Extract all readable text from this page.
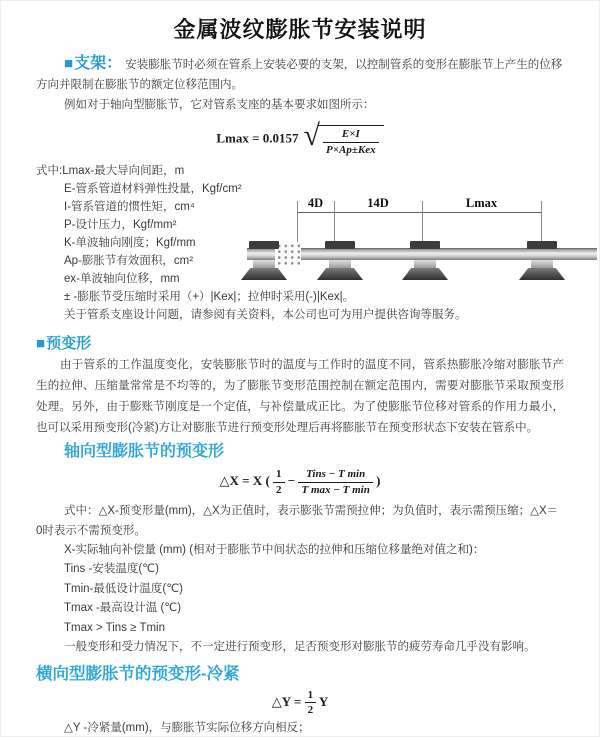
金属波纹膨胀节安装说明

■支架： 安装膨胀节时必须在管系上安装必要的支架，以控制管系的变形在膨胀节上产生的位移方向并限制在膨胀节的额定位移范围内。

例如对于轴向型膨胀节，它对管系支座的基本要求如图所示：

Lmax = 0.0157 √ $\frac{E\times I}{\text{P×Ap±Kex}}$
式中:Lmax-最大导向间距，m
E-管系管道材料弹性投量，Kgf/cm²
I-管系管道的惯性矩，cm⁴
P-设计压力，Kgf/mm²
K-单波轴向刚度；Kgf/mm
Ap-膨胀节有效面积，cm²
ex-单波轴向位移，mm
± -膨胀节受压缩时采用（+）|Kex|；拉伸时采用(-)|Kex|。

关于管系支座设计问题，请参阅有关资料，本公司也可为用户提供咨询等服务。

■预变形

由于管系的工作温度变化，安装膨胀节时的温度与工作时的温度不同，管系热膨胀冷缩对膨胀节产生的拉伸、压缩量常常是不均等的，为了膨胀节变形范围控制在额定范围内，需要对膨胀节采取预变形处理。另外，由于膨账节刚度是一个定值，与补偿量成正比。为了使膨胀节位移对管系的作用力最小，也可以采用预变形(冷紧)方让对膨胀节进行预变形处理后再将膨胀节在预变形状态下安装在管系中。

轴向型膨胀节的预变形
△X = X ( $\frac{1}{2} - \frac{\text{Tins − T min}}{\text{T max − T min}}$ )

式中：△X-预变形量(mm)，△X为正值时，表示膨张节需预拉伸；为负值时，表示需预压缩；△X＝0时表示不需预变形。

X-实际轴向补偿量 (mm) (相对于膨胀节中间状态的拉伸和压缩位移量绝对值之和)：
Tins -安装温度(℃)
Tmin-最低设计温度(℃)
Tmax -最高设计温 (℃)
Tmax > Tins ≥ Tmin
一般变形和受力情况下，不一定进行预变形，足否预变形对膨胀节的疲劳寿命几乎没有影响。
横向型膨胀节的预变形-冷紧
△Y = $\frac{1}{2}$ Y
△Y -冷紧量(mm)，与膨胀节实际位移方向相反；
4D	14D	Lmax
